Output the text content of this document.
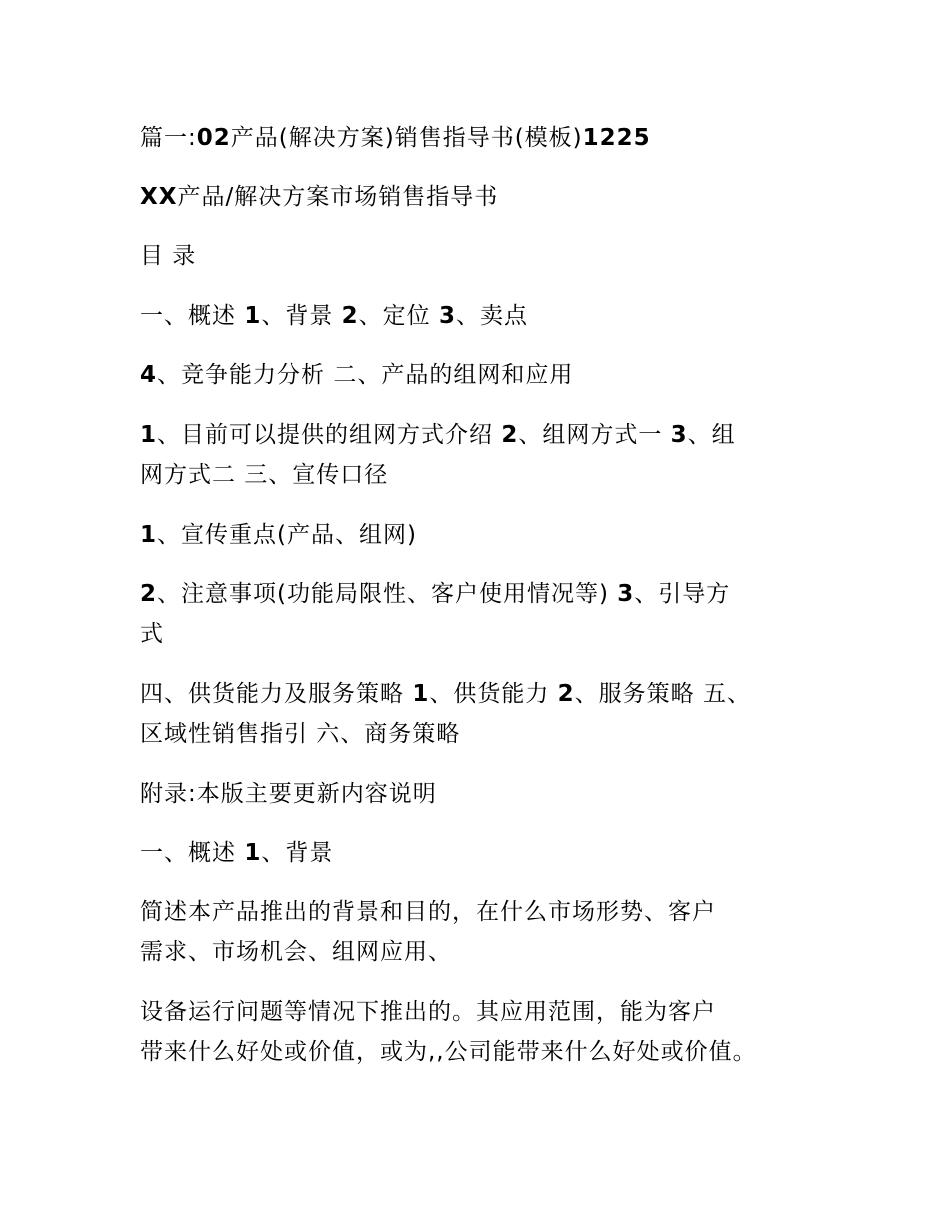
篇一:02产品(解决方案)销售指导书(模板)1225
XX产品/解决方案市场销售指导书
目 录
一、概述 1、背景 2、定位 3、卖点
4、竞争能力分析 二、产品的组网和应用
1、目前可以提供的组网方式介绍 2、组网方式一 3、组
网方式二 三、宣传口径
1、宣传重点(产品、组网)
2、注意事项(功能局限性、客户使用情况等) 3、引导方
式
四、供货能力及服务策略 1、供货能力 2、服务策略 五、
区域性销售指引 六、商务策略
附录:本版主要更新内容说明
一、概述 1、背景
简述本产品推出的背景和目的，在什么市场形势、客户
需求、市场机会、组网应用、
设备运行问题等情况下推出的。其应用范围，能为客户
带来什么好处或价值，或为,,公司能带来什么好处或价值。
